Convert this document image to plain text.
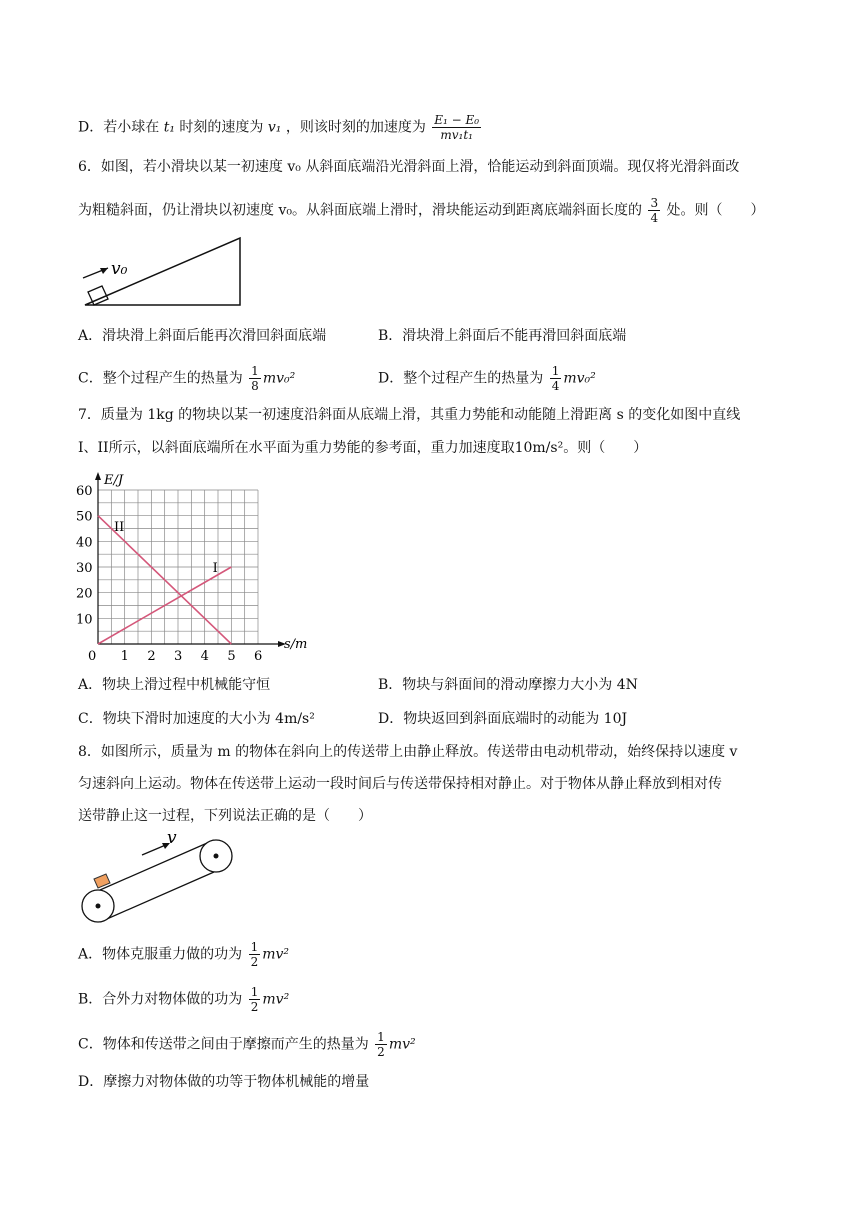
D．若小球在 t₁ 时刻的速度为 v₁ ，则该时刻的加速度为 $\frac{\text{E₁ − E₀}}{\text{mv₁t₁}}$
6．如图，若小滑块以某一初速度 v₀ 从斜面底端沿光滑斜面上滑，恰能运动到斜面顶端。现仅将光滑斜面改
为粗糙斜面，仍让滑块以初速度 v₀。从斜面底端上滑时，滑块能运动到距离底端斜面长度的 $\frac{3}{4}$ 处。则（　　）
v₀
A．滑块滑上斜面后能再次滑回斜面底端	B．滑块滑上斜面后不能再滑回斜面底端
C．整个过程产生的热量为 $\frac{1}{8} mv_0^2$	D．整个过程产生的热量为 $\frac{1}{4} mv_0^2$
7．质量为 1kg 的物块以某一初速度沿斜面从底端上滑，其重力势能和动能随上滑距离 s 的变化如图中直线
I、II所示，以斜面底端所在水平面为重力势能的参考面，重力加速度取10m/s²。则（　　）
0 1 2 3 4 5 6
10
20
30
40
50
60
I
II
E/J
s/m
A．物块上滑过程中机械能守恒	B．物块与斜面间的滑动摩擦力大小为 4N
C．物块下滑时加速度的大小为 4m/s²	D．物块返回到斜面底端时的动能为 10J
8．如图所示，质量为 m 的物体在斜向上的传送带上由静止释放。传送带由电动机带动，始终保持以速度 v
匀速斜向上运动。物体在传送带上运动一段时间后与传送带保持相对静止。对于物体从静止释放到相对传
送带静止这一过程，下列说法正确的是（　　）
v
A．物体克服重力做的功为 $\frac{1}{2} mv^2$
B．合外力对物体做的功为 $\frac{1}{2} mv^2$
C．物体和传送带之间由于摩擦而产生的热量为 $\frac{1}{2} mv^2$
D．摩擦力对物体做的功等于物体机械能的增量
